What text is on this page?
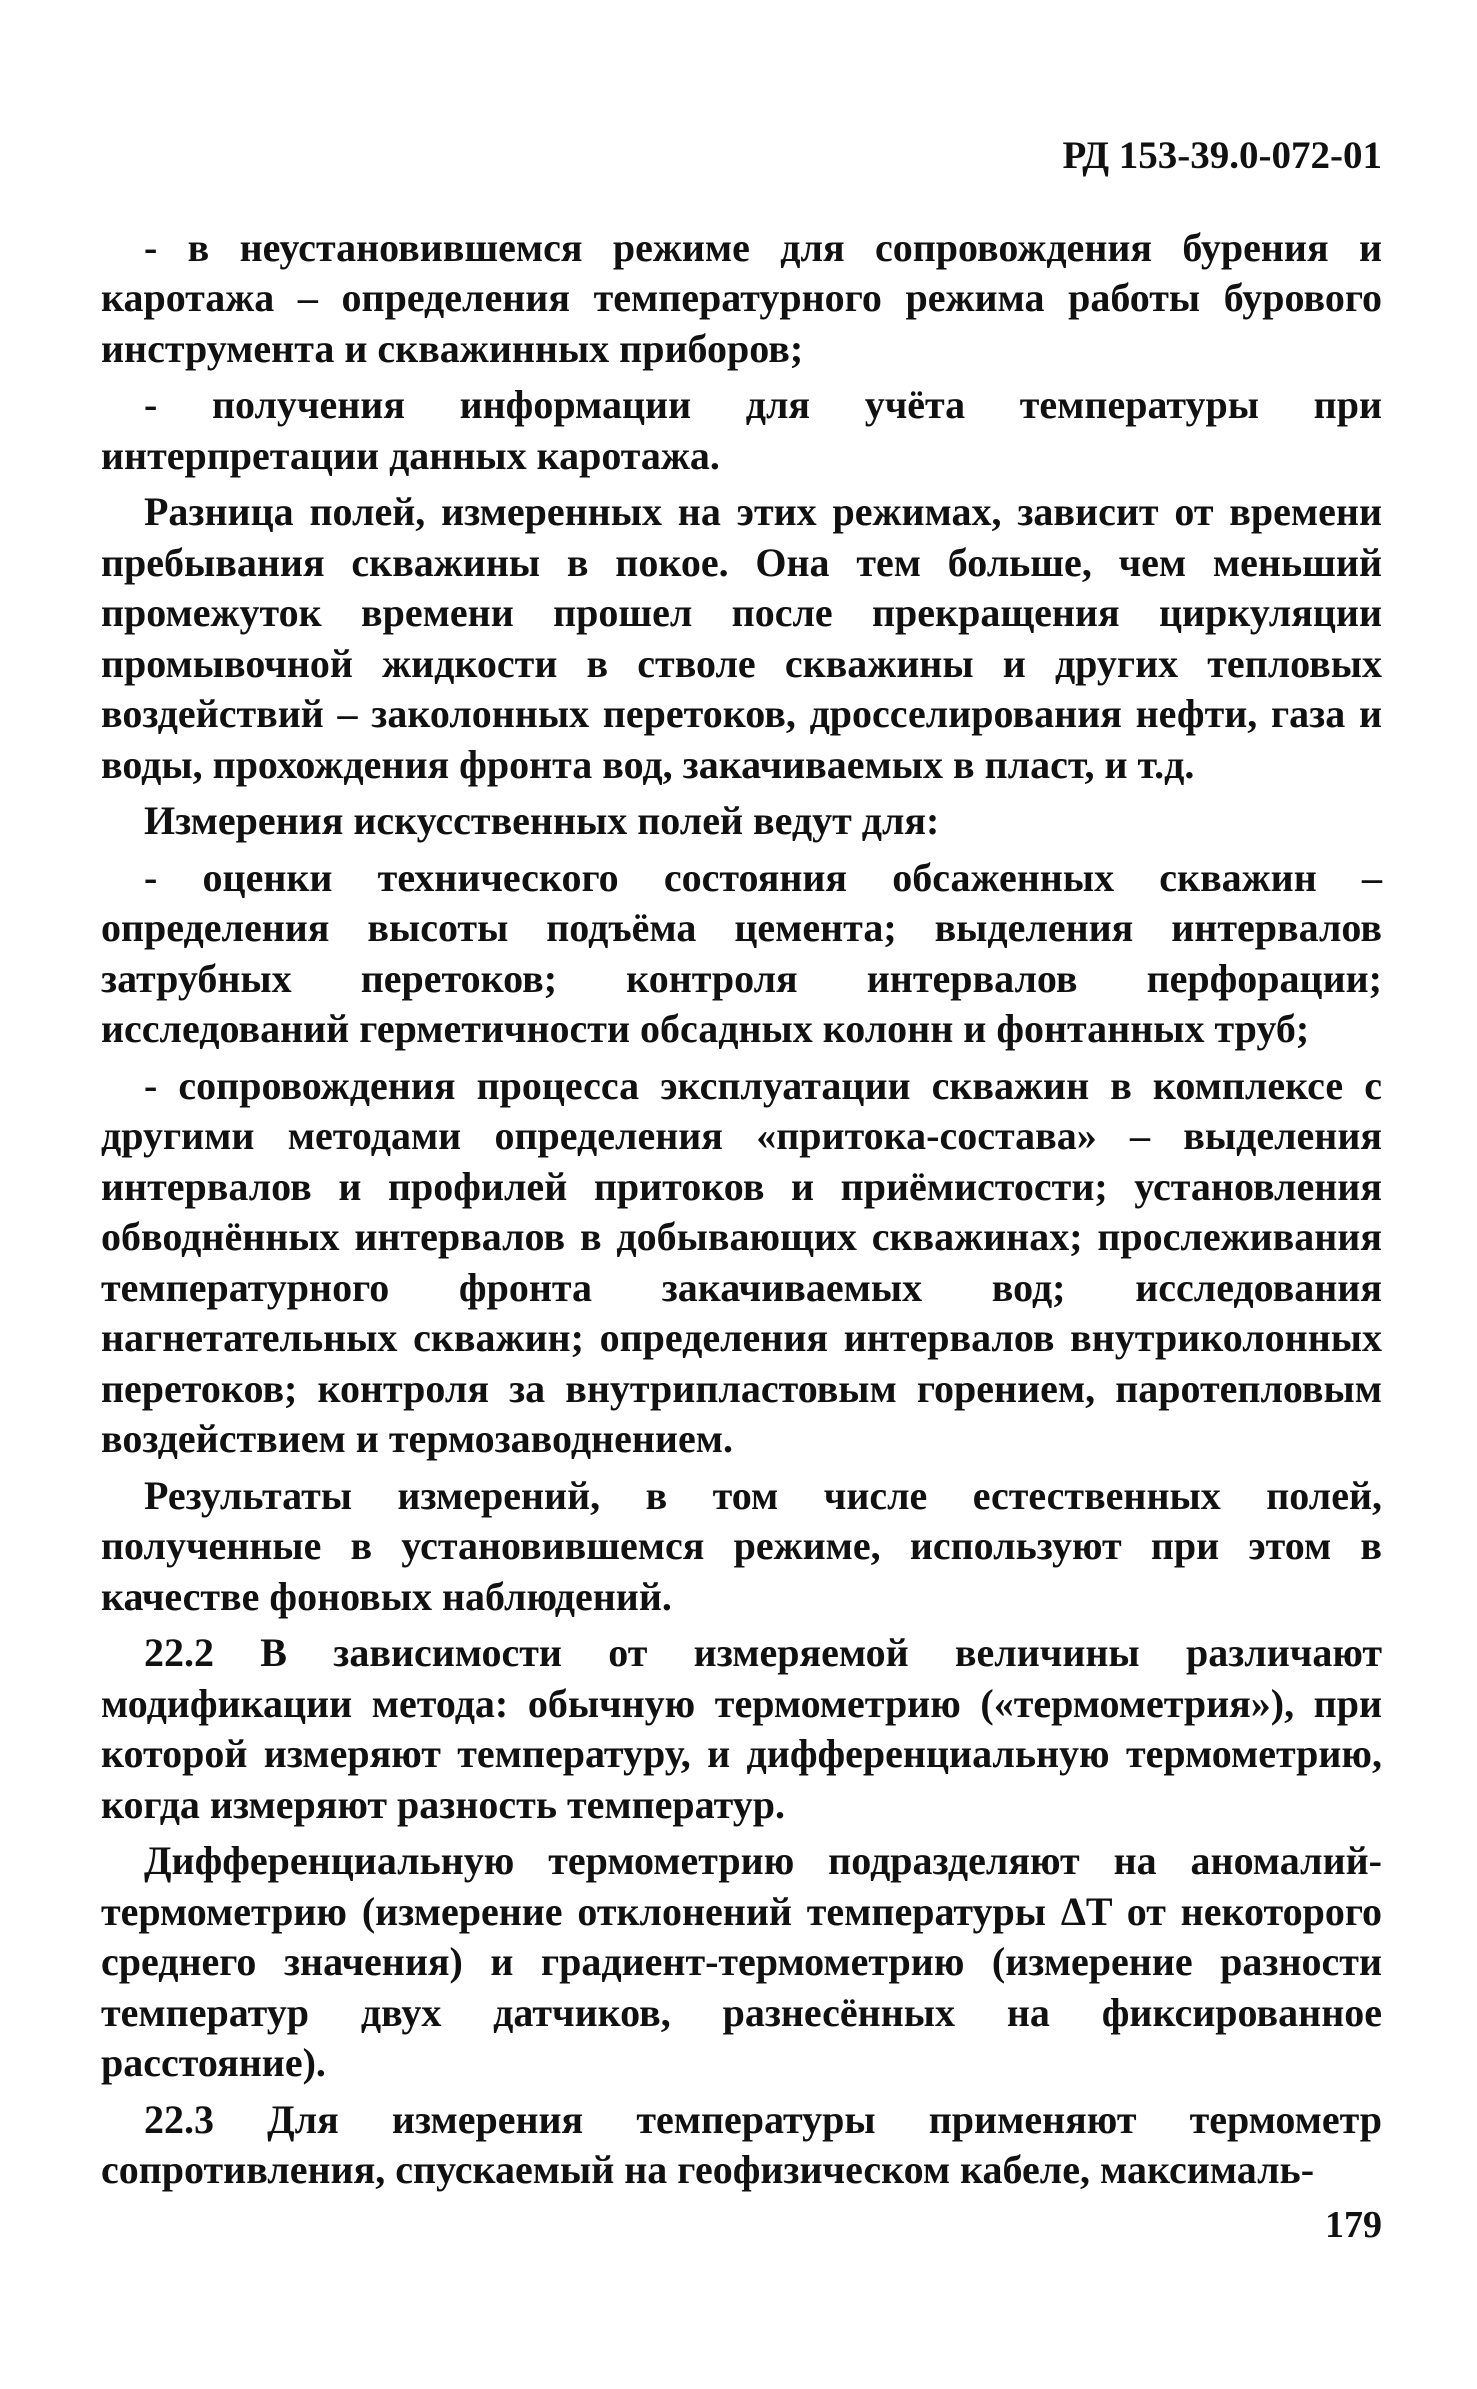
РД 153-39.0-072-01

- в неустановившемся режиме для сопровождения бурения и каротажа – определения температурного режима работы бурового инструмента и скважинных приборов;

- получения информации для учёта температуры при интерпретации данных каротажа.

Разница полей, измеренных на этих режимах, зависит от времени пребывания скважины в покое. Она тем больше, чем меньший промежуток времени прошел после прекращения циркуляции промывочной жидкости в стволе скважины и других тепловых воздействий – заколонных перетоков, дросселирования нефти, газа и воды, прохождения фронта вод, закачиваемых в пласт, и т.д.

Измерения искусственных полей ведут для:

- оценки технического состояния обсаженных скважин – определения высоты подъёма цемента; выделения интервалов затрубных перетоков; контроля интервалов перфорации; исследований герметичности обсадных колонн и фонтанных труб;

- сопровождения процесса эксплуатации скважин в комплексе с другими методами определения «притока-состава» – выделения интервалов и профилей притоков и приёмистости; установления обводнённых интервалов в добывающих скважинах; прослеживания температурного фронта закачиваемых вод; исследования нагнетательных скважин; определения интервалов внутриколонных перетоков; контроля за внутрипластовым горением, паротепловым воздействием и термозаводнением.

Результаты измерений, в том числе естественных полей, полученные в установившемся режиме, используют при этом в качестве фоновых наблюдений.

22.2 В зависимости от измеряемой величины различают модификации метода: обычную термометрию («термометрия»), при которой измеряют температуру, и дифференциальную термометрию, когда измеряют разность температур.

Дифференциальную термометрию подразделяют на аномалий-термометрию (измерение отклонений температуры ΔT от некоторого среднего значения) и градиент-термометрию (измерение разности температур двух датчиков, разнесённых на фиксированное расстояние).

22.3 Для измерения температуры применяют термометр сопротивления, спускаемый на геофизическом кабеле, максималь-

179
